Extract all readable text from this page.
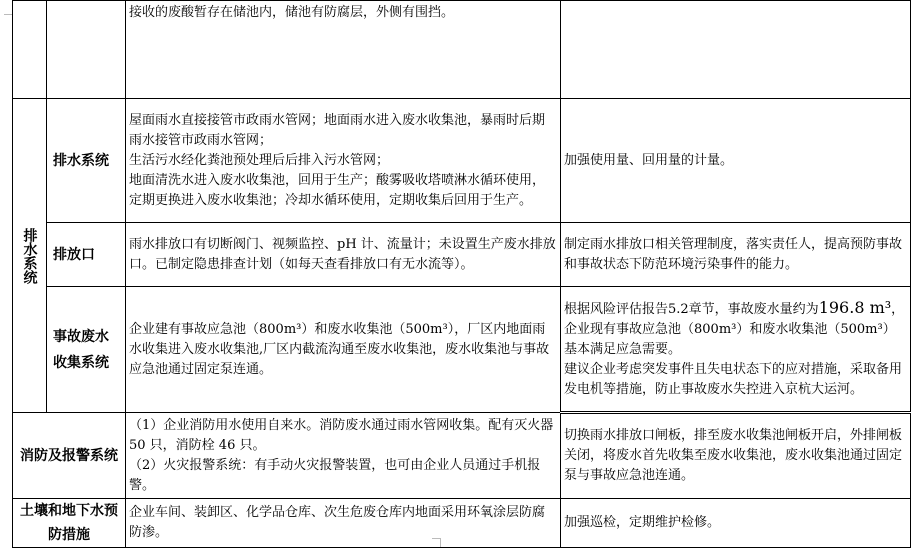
		接收的废酸暂存在储池内，储池有防腐层，外侧有围挡。	

排水系统	排水系统	屋面雨水直接接管市政雨水管网；地面雨水进入废水收集池，暴雨时后期雨水接管市政雨水管网；
生活污水经化粪池预处理后后排入污水管网；
地面清洗水进入废水收集池，回用于生产；酸雾吸收塔喷淋水循环使用，定期更换进入废水收集池；冷却水循环使用，定期收集后回用于生产。	加强使用量、回用量的计量。
	排放口	雨水排放口有切断阀门、视频监控、pH 计、流量计；未设置生产废水排放口。已制定隐患排查计划（如每天查看排放口有无水流等）。	制定雨水排放口相关管理制度，落实责任人，提高预防事故和事故状态下防范环境污染事件的能力。
	事故废水收集系统	企业建有事故应急池（800m³）和废水收集池（500m³），厂区内地面雨水收集进入废水收集池,厂区内截流沟通至废水收集池，废水收集池与事故应急池通过固定泵连通。	根据风险评估报告5.2章节，事故废水量约为196.8 m³，企业现有事故应急池（800m³）和废水收集池（500m³）基本满足应急需要。
建议企业考虑突发事件且失电状态下的应对措施，采取备用发电机等措施，防止事故废水失控进入京杭大运河。
消防及报警系统		（1）企业消防用水使用自来水。消防废水通过雨水管网收集。配有灭火器 50 只，消防栓 46 只。
（2）火灾报警系统：有手动火灾报警装置，也可由企业人员通过手机报警。	切换雨水排放口闸板，排至废水收集池闸板开启，外排闸板关闭，将废水首先收集至废水收集池，废水收集池通过固定泵与事故应急池连通。
土壤和地下水预防措施		企业车间、装卸区、化学品仓库、次生危废仓库内地面采用环氧涂层防腐防渗。	加强巡检，定期维护检修。
